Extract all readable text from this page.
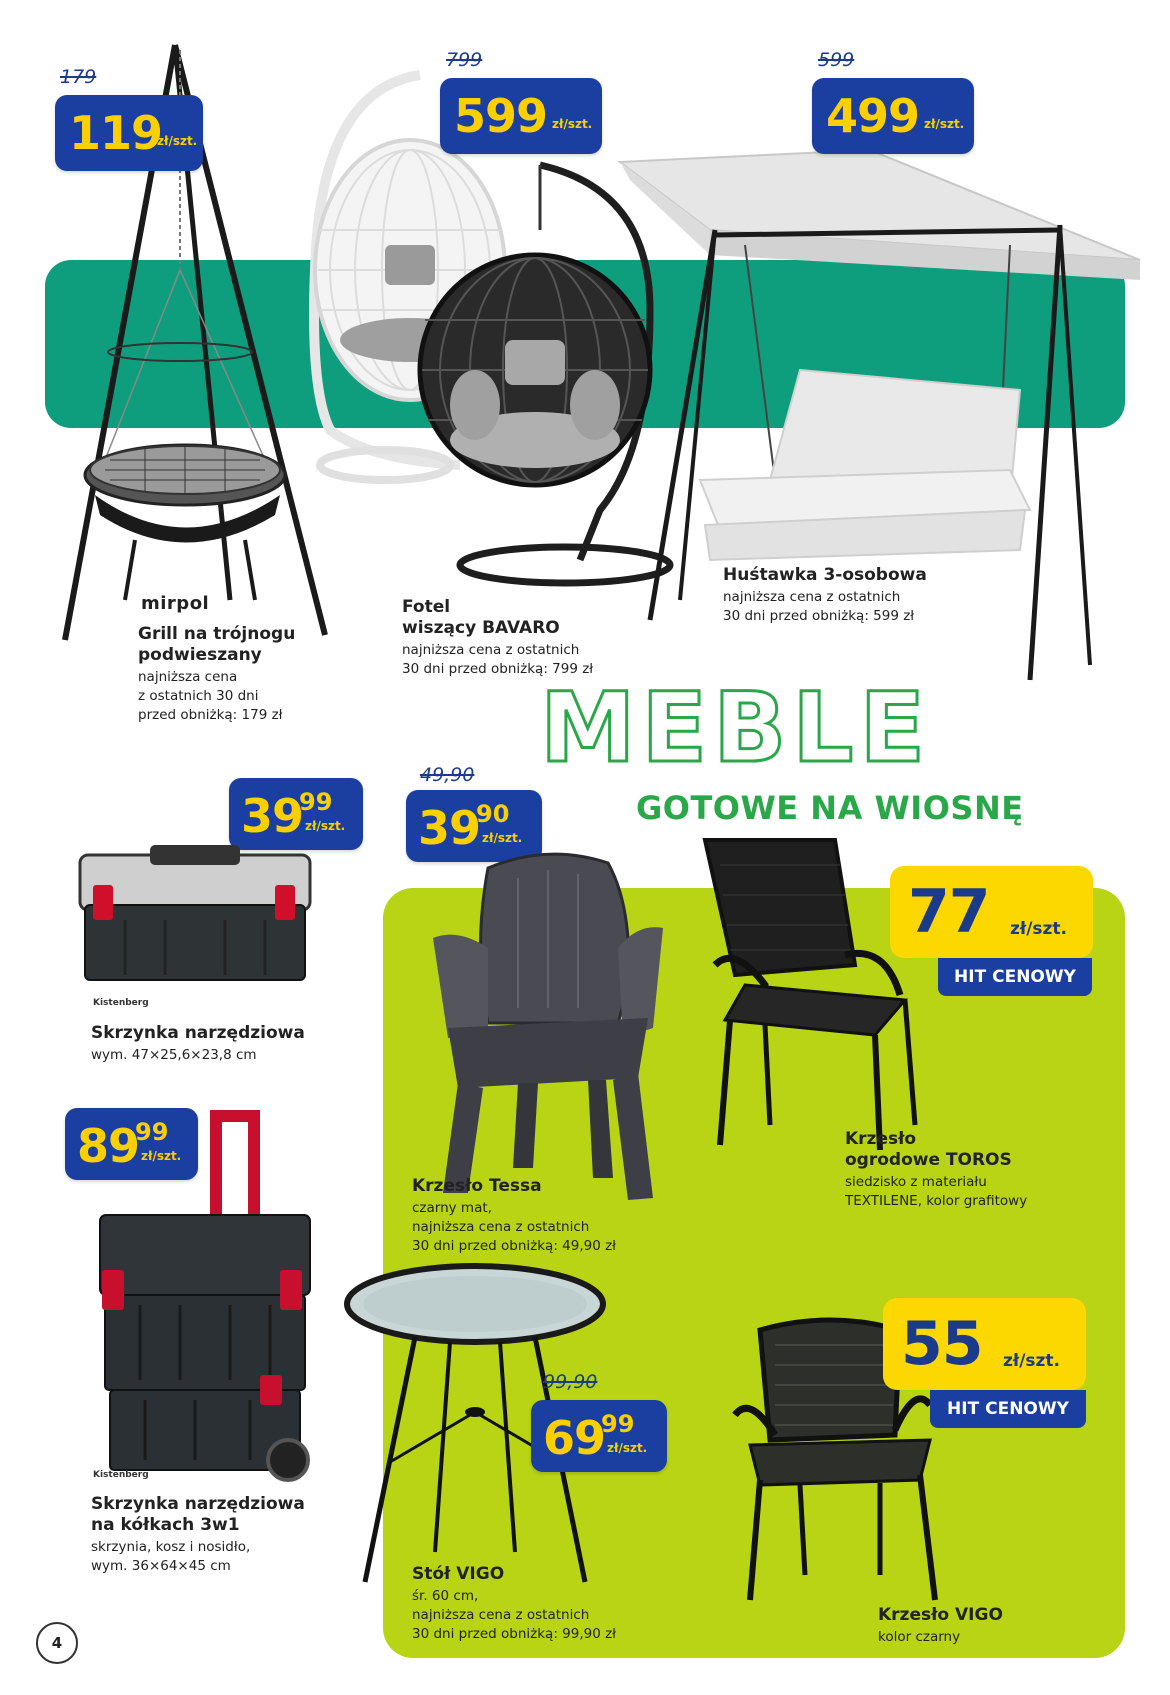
179
119
zł/szt.
mirpol
Grill na trójnogu
podwieszany
najniższa cena
z ostatnich 30 dni
przed obniżką: 179 zł
799
599 zł/szt.
Fotel
wiszący BAVARO
najniższa cena z ostatnich
30 dni przed obniżką: 799 zł
599
499 zł/szt.
Huśtawka 3-osobowa
najniższa cena z ostatnich
30 dni przed obniżką: 599 zł
MEBLE
GOTOWE NA WIOSNĘ
39
99
zł/szt.
Kistenberg
Skrzynka narzędziowa
wym. 47×25,6×23,8 cm
49,90
39
90
zł/szt.
Krzesło Tessa
czarny mat,
najniższa cena z ostatnich
30 dni przed obniżką: 49,90 zł
77 zł/szt.
HIT CENOWY
Krzesło
ogrodowe TOROS
siedzisko z materiału
TEXTILENE, kolor grafitowy
89
99
zł/szt.
Kistenberg
Skrzynka narzędziowa
na kółkach 3w1
skrzynia, kosz i nosidło,
wym. 36×64×45 cm
99,90
69
99
zł/szt.
Stół VIGO
śr. 60 cm,
najniższa cena z ostatnich
30 dni przed obniżką: 99,90 zł
55 zł/szt.
HIT CENOWY
Krzesło VIGO
kolor czarny
4
